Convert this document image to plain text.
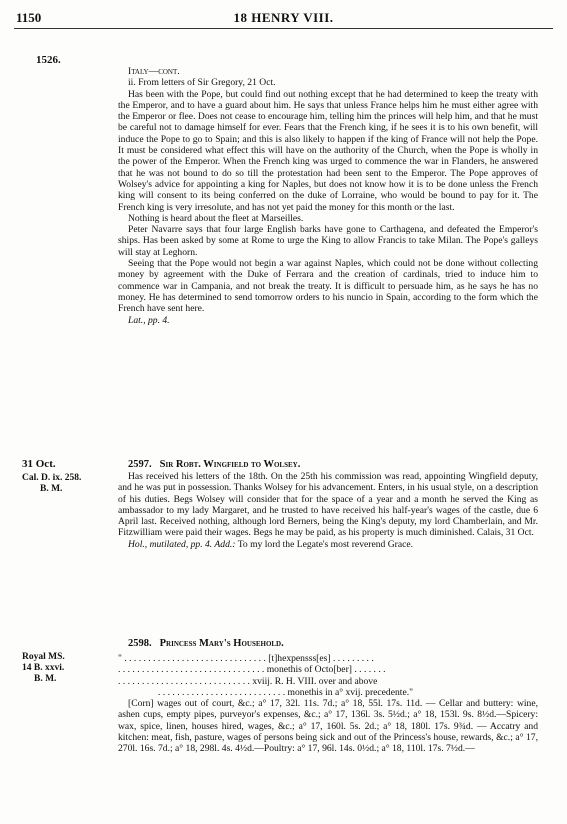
1150	18 HENRY VIII.
1526.

Italy—cont.

ii. From letters of Sir Gregory, 21 Oct.

Has been with the Pope, but could find out nothing except that he had determined to keep the treaty with the Emperor, and to have a guard about him. He says that unless France helps him he must either agree with the Emperor or flee. Does not cease to encourage him, telling him the princes will help him, and that he must be careful not to damage himself for ever. Fears that the French king, if he sees it is to his own benefit, will induce the Pope to go to Spain; and this is also likely to happen if the king of France will not help the Pope. It must be considered what effect this will have on the authority of the Church, when the Pope is wholly in the power of the Emperor. When the French king was urged to commence the war in Flanders, he answered that he was not bound to do so till the protestation had been sent to the Emperor. The Pope approves of Wolsey's advice for appointing a king for Naples, but does not know how it is to be done unless the French king will consent to its being conferred on the duke of Lorraine, who would be bound to pay for it. The French king is very irresolute, and has not yet paid the money for this month or the last.

Nothing is heard about the fleet at Marseilles.

Peter Navarre says that four large English barks have gone to Carthagena, and defeated the Emperor's ships. Has been asked by some at Rome to urge the King to allow Francis to take Milan. The Pope's galleys will stay at Leghorn.

Seeing that the Pope would not begin a war against Naples, which could not be done without collecting money by agreement with the Duke of Ferrara and the creation of cardinals, tried to induce him to commence war in Campania, and not break the treaty. It is difficult to persuade him, as he says he has no money. He has determined to send tomorrow orders to his nuncio in Spain, according to the form which the French have sent here.

Lat., pp. 4.

31 Oct.
Cal. D. ix. 258.
B. M.

2597. Sir Robt. Wingfield to Wolsey.

Has received his letters of the 18th. On the 25th his commission was read, appointing Wingfield deputy, and he was put in possession. Thanks Wolsey for his advancement. Enters, in his usual style, on a description of his duties. Begs Wolsey will consider that for the space of a year and a month he served the King as ambassador to my lady Margaret, and he trusted to have received his half-year's wages of the castle, due 6 April last. Received nothing, although lord Berners, being the King's deputy, my lord Chamberlain, and Mr. Fitzwilliam were paid their wages. Begs he may be paid, as his property is much diminished. Calais, 31 Oct.

Hol., mutilated, pp. 4. Add.: To my lord the Legate's most reverend Grace.

Royal MS.
14 B. xxvi.
B. M.

2598. Princess Mary's Household.

" . . . . . . . . . . . . . . . . . . . . . . . . . . . . . . [t]hexpensss[es] . . . . . . . . .

. . . . . . . . . . . . . . . . . . . . . . . . . . . . . . . monethis of Octo[ber] . . . . . . .

. . . . . . . . . . . . . . . . . . . . . . . . . . . . xviij. R. H. VIII. over and above

. . . . . . . . . . . . . . . . . . . . . . . . . . . monethis in a° xvij. precedente."

[Corn] wages out of court, &c.; a° 17, 32l. 11s. 7d.; a° 18, 55l. 17s. 11d. — Cellar and buttery: wine, ashen cups, empty pipes, purveyor's expenses, &c.; a° 17, 136l. 3s. 5½d.; a° 18, 153l. 9s. 8½d.—Spicery: wax, spice, linen, houses hired, wages, &c.; a° 17, 160l. 5s. 2d.; a° 18, 180l. 17s. 9¾d. — Accatry and kitchen: meat, fish, pasture, wages of persons being sick and out of the Princess's house, rewards, &c.; a° 17, 270l. 16s. 7d.; a° 18, 298l. 4s. 4½d.—Poultry: a° 17, 96l. 14s. 0½d.; a° 18, 110l. 17s. 7½d.—
